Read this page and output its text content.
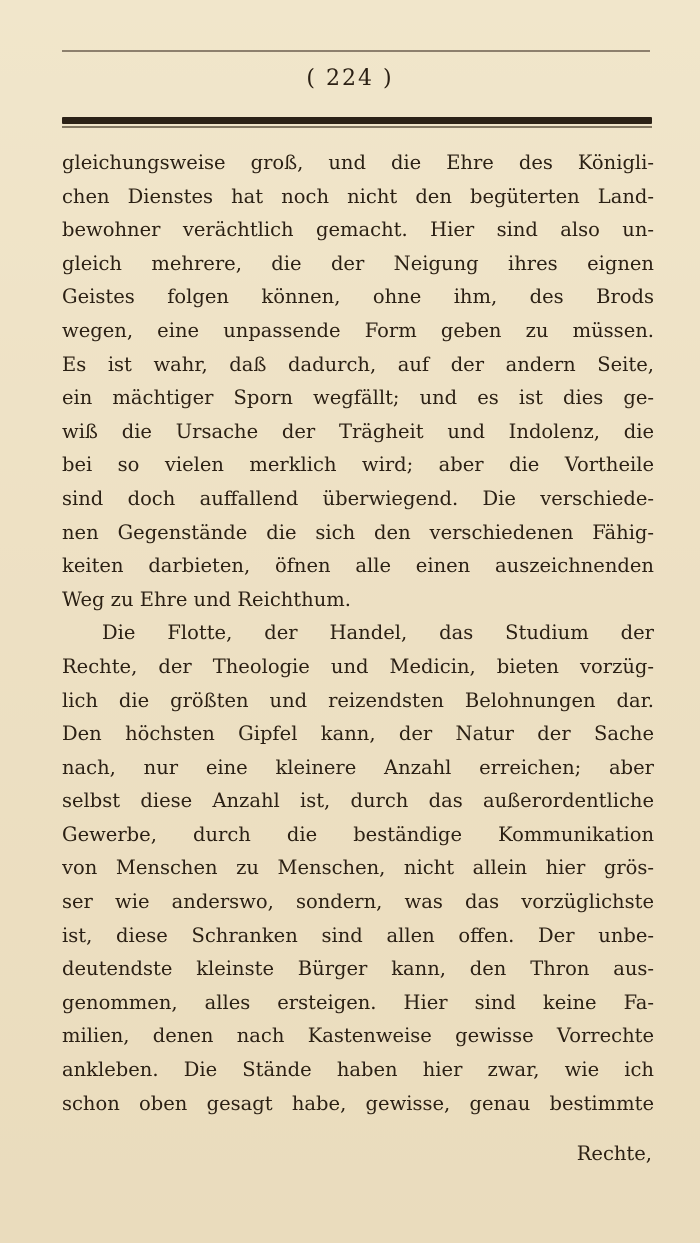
( 224 )
gleichungsweise groß, und die Ehre des Königli-
chen Dienstes hat noch nicht den begüterten Land-
bewohner verächtlich gemacht. Hier sind also un-
gleich mehrere, die der Neigung ihres eignen
Geistes folgen können, ohne ihm, des Brods
wegen, eine unpassende Form geben zu müssen.
Es ist wahr, daß dadurch, auf der andern Seite,
ein mächtiger Sporn wegfällt; und es ist dies ge-
wiß die Ursache der Trägheit und Indolenz, die
bei so vielen merklich wird; aber die Vortheile
sind doch auffallend überwiegend. Die verschiede-
nen Gegenstände die sich den verschiedenen Fähig-
keiten darbieten, öfnen alle einen auszeichnenden
Weg zu Ehre und Reichthum.
Die Flotte, der Handel, das Studium der
Rechte, der Theologie und Medicin, bieten vorzüg-
lich die größten und reizendsten Belohnungen dar.
Den höchsten Gipfel kann, der Natur der Sache
nach, nur eine kleinere Anzahl erreichen; aber
selbst diese Anzahl ist, durch das außerordentliche
Gewerbe, durch die beständige Kommunikation
von Menschen zu Menschen, nicht allein hier grös-
ser wie anderswo, sondern, was das vorzüglichste
ist, diese Schranken sind allen offen. Der unbe-
deutendste kleinste Bürger kann, den Thron aus-
genommen, alles ersteigen. Hier sind keine Fa-
milien, denen nach Kastenweise gewisse Vorrechte
ankleben. Die Stände haben hier zwar, wie ich
schon oben gesagt habe, gewisse, genau bestimmte
Rechte,
